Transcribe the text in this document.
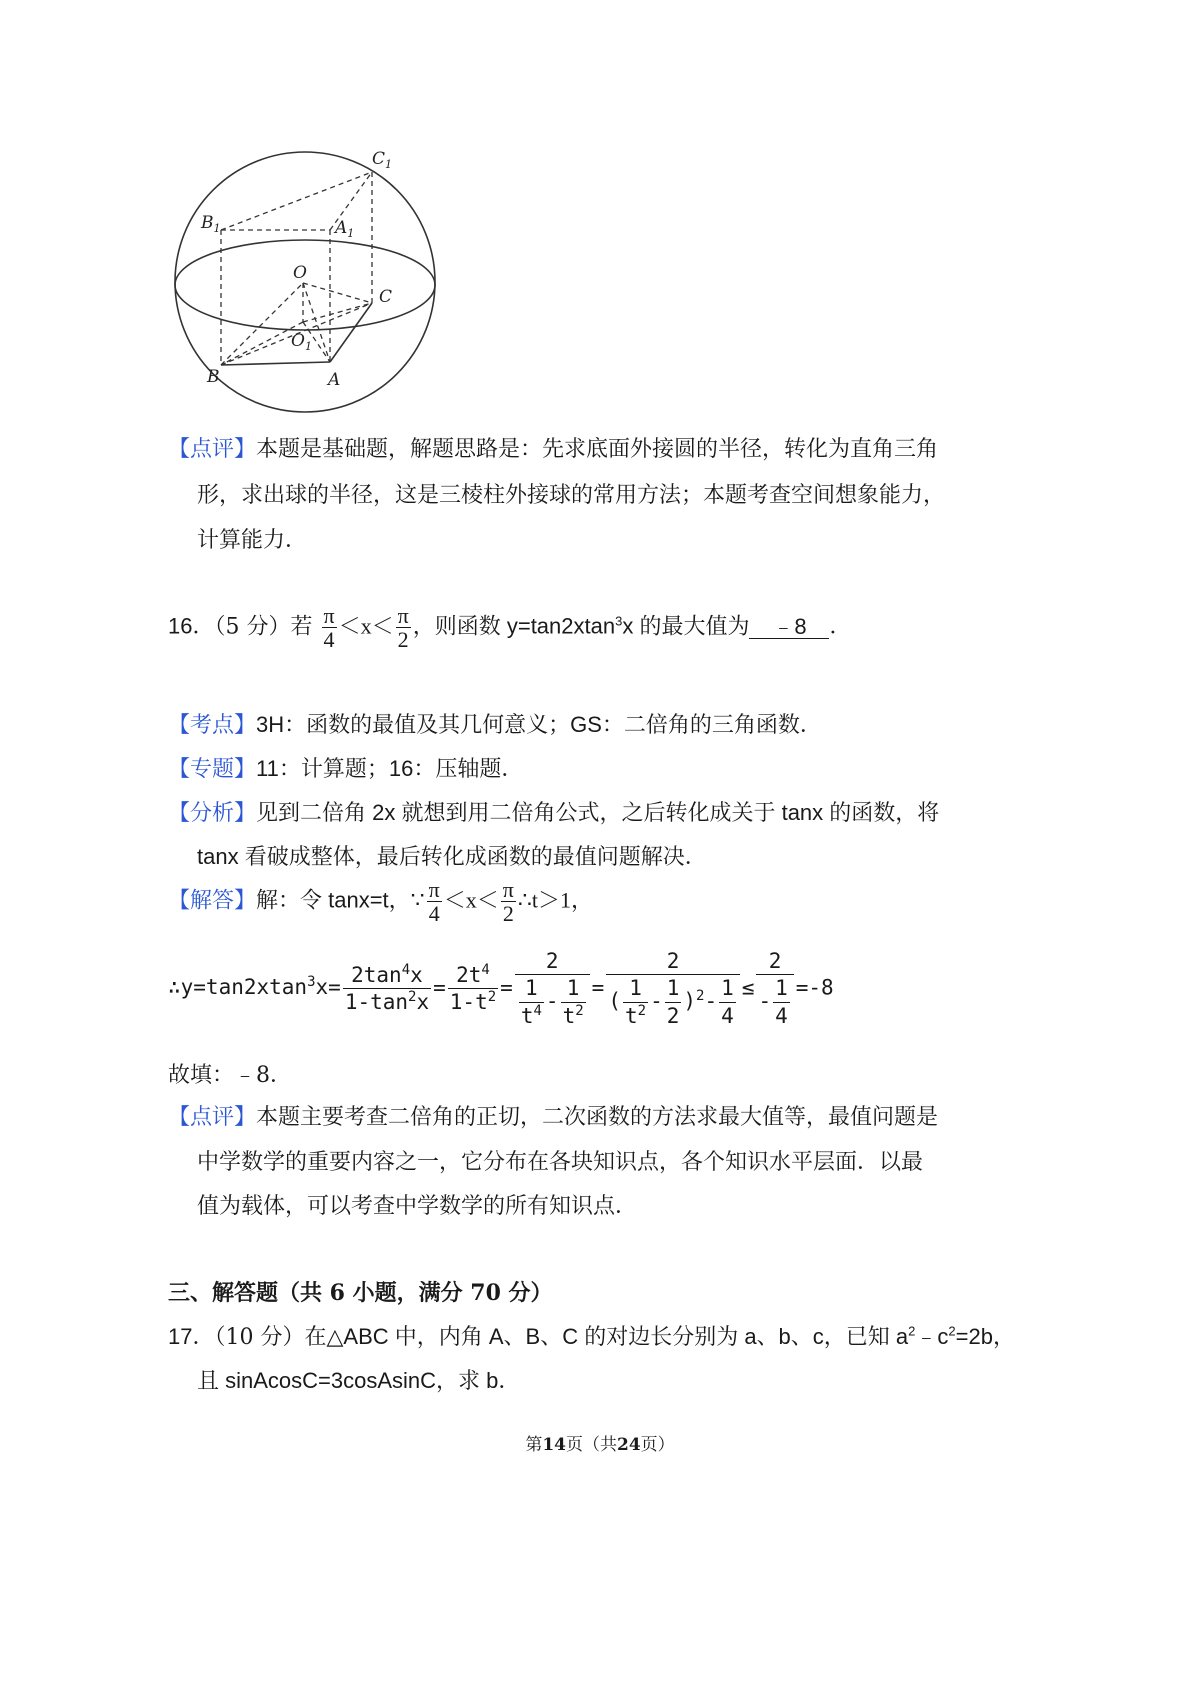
$C_1$
$B_1$	$A_1$
O
C
$O_1$
B	A
【点评】本题是基础题，解题思路是：先求底面外接圆的半径，转化为直角三角
形，求出球的半径，这是三棱柱外接球的常用方法；本题考查空间想象能力，
计算能力．
16．（5 分）若 $\frac{\pi}{4} <x< \frac{\pi}{2}$ ，则函数 y=tan2xtan$^3$x 的最大值为 ﹣8 ．
【考点】3H：函数的最值及其几何意义；GS：二倍角的三角函数．
【专题】11：计算题；16：压轴题．
【分析】见到二倍角 2x 就想到用二倍角公式，之后转化成关于 tanx 的函数，将
tanx 看破成整体，最后转化成函数的最值问题解决．
【解答】解：令 tanx=t，∵ $\frac{\pi}{4} <x< \frac{\pi}{2}$ ∴t＞1，
∴y=tan2xtan$^3$x= $\frac{2\tan^4x}{1-\tan^2x} = \frac{2t^4}{1-t^2} = \frac{2}{\frac{1}{t^4} - \frac{1}{t^2}} = \frac{2}{( \frac{1}{t^2} - \frac{1}{2} )^2- \frac{1}{4}} \le \frac{2}{- \frac{1}{4}} =-8$
故填：﹣8．
【点评】本题主要考查二倍角的正切，二次函数的方法求最大值等，最值问题是
中学数学的重要内容之一，它分布在各块知识点，各个知识水平层面．以最
值为载体，可以考查中学数学的所有知识点．
三、解答题（共 6 小题，满分 70 分）
17．（10 分）在△ABC 中，内角 A、B、C 的对边长分别为 a、b、c，已知 $a^2﹣c^2=2b$，
且 sinAcosC=3cosAsinC，求 b．
第14页（共24页）
